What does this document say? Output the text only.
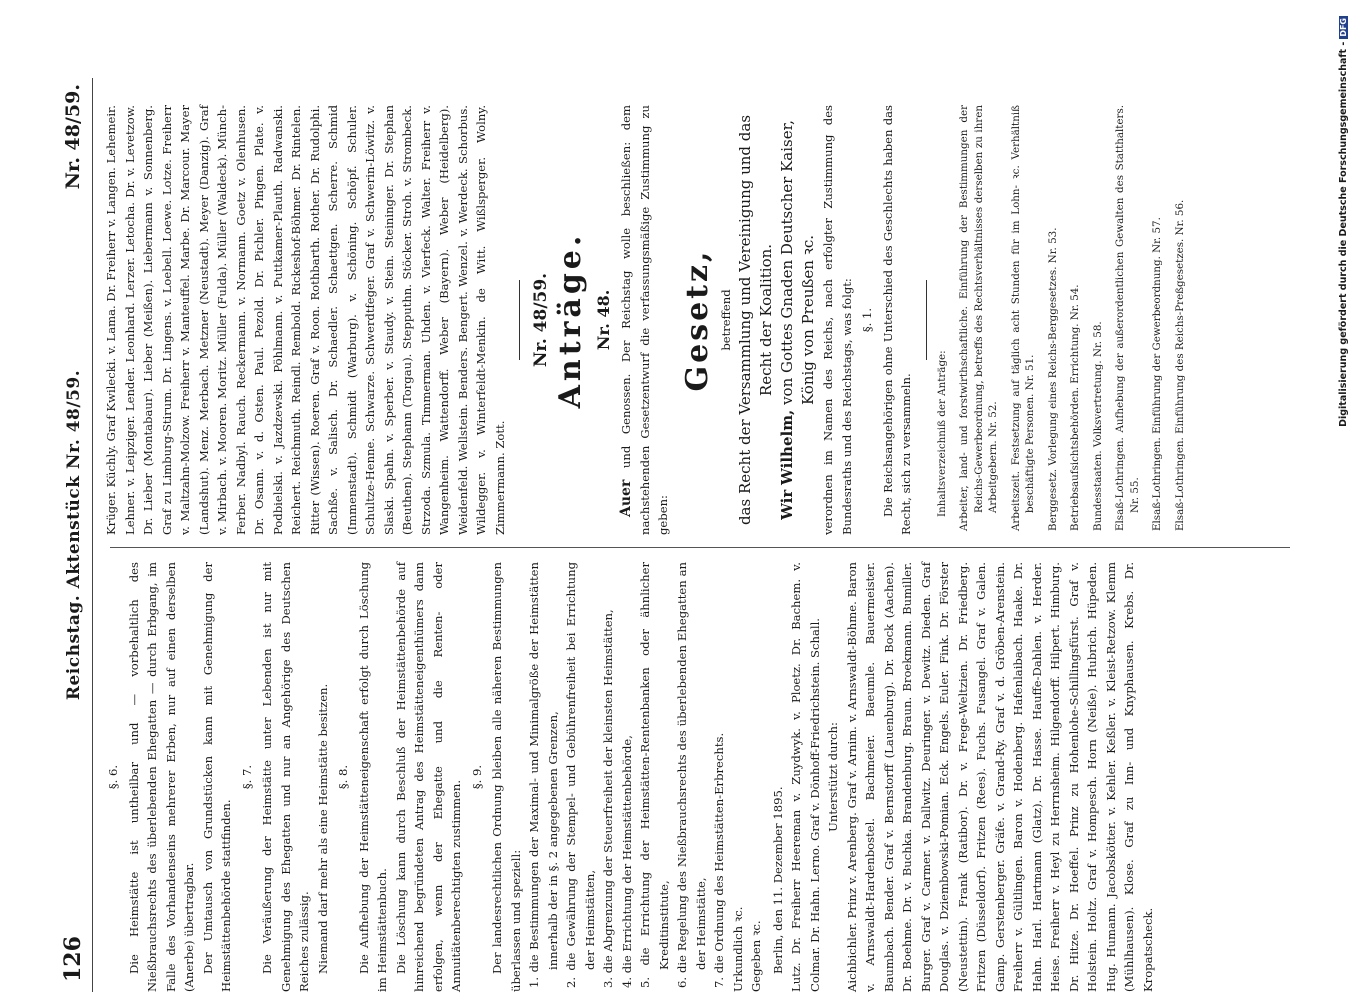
126
Reichstag. Aktenstück Nr. 48/59.
Nr. 48/59.

§. 6. Die Heimstätte ist untheilbar und — vorbehaltlich des Nießbrauchsrechts des überlebenden Ehegatten — durch Erbgang, im Falle des Vorhandenseins mehrerer Erben, nur auf einen derselben (Anerbe) übertragbar. Der Umtausch von Grundstücken kann mit Genehmigung der Heimstättenbehörde stattfinden.

§. 7. Die Veräußerung der Heimstätte unter Lebenden ist nur mit Genehmigung des Ehegatten und nur an Angehörige des Deutschen Reiches zulässig. Niemand darf mehr als eine Heimstätte besitzen. §. 8. Die Aufhebung der Heimstätteneigenschaft erfolgt durch Löschung im Heimstättenbuch. Die Löschung kann durch Beschluß der Heimstättenbehörde auf hinreichend begründeten Antrag des Heimstätteneigenthümers dann erfolgen, wenn der Ehegatte und die Renten- oder Annuitätenberechtigten zustimmen.

§. 9. Der landesrechtlichen Ordnung bleiben alle näheren Bestimmungen überlassen und speziell: 1. die Bestimmungen der Maximal- und Minimalgröße der Heimstätten innerhalb der in §. 2 angegebenen Grenzen, 2. die Gewährung der Stempel- und Gebührenfreiheit bei Errichtung der Heimstätten, 3. die Abgrenzung der Steuerfreiheit der kleinsten Heimstätten, 4. die Errichtung der Heimstättenbehörde, 5. die Errichtung der Heimstätten-Rentenbanken oder ähnlicher Kreditinstitute, 6. die Regelung des Nießbrauchsrechts des überlebenden Ehegatten an der Heimstätte, 7. die Ordnung des Heimstätten-Erbrechts. Urkundlich ꝛc. Gegeben ꝛc. Berlin, den 11. Dezember 1895. Lutz. Dr. Freiherr Heereman v. Zuydwyk. v. Ploetz. Dr. Bachem. v. Colmar. Dr. Hahn. Lerno. Graf v. Dönhoff-Friedrichstein. Schall. Unterstützt durch: Aichbichler. Prinz v. Arenberg. Graf v. Arnim. v. Arnswaldt-Böhme. Baron v. Arnswaldt-Hardenbostel. Bachmeier. Baeumle. Bauermeister. Baumbach. Bender. Graf v. Bernstorff (Lauenburg). Dr. Bock (Aachen). Dr. Boehme. Dr. v. Buchka. Brandenburg. Braun. Broekmann. Bumiller. Burger. Graf v. Carmer. v. Dallwitz. Deuringer. v. Dewitz. Dieden. Graf Douglas. v. Dziembowski-Pomian. Eck. Engels. Euler. Fink. Dr. Förster (Neustettin). Frank (Ratibor). Dr. v. Frege-Weltzien. Dr. Friedberg. Fritzen (Düsseldorf). Fritzen (Rees). Fuchs. Fusangel. Graf v. Galen. Gamp. Gerstenberger. Gräfe. v. Grand-Ry. Graf v. d. Gröben-Arenstein. Freiherr v. Gültlingen. Baron v. Hodenberg. Hafenlaibach. Haake. Dr. Hahn. Harl. Hartmann (Glatz). Dr. Hasse. Hauffe-Dahlen. v. Herder. Heise. Freiherr v. Heyl zu Herrnsheim. Hilgendorff. Hilpert. Himburg. Dr. Hitze. Dr. Hoeffel. Prinz zu Hohenlohe-Schillingsfürst. Graf v. Holstein. Holtz. Graf v. Hompesch. Horn (Neiße). Hubrich. Hüpeden. Hug. Humann. Jacobskötter. v. Kehler. Keßler. v. Kleist-Retzow. Klemm (Mühlhausen). Klose. Graf zu Inn- und Knyphausen. Krebs. Dr. Kropatscheck.

Krüger. Küchly. Graf Kwilecki. v. Lama. Dr. Freiherr v. Langen. Lehemeir. Lehner. v. Leipziger. Lender. Leonhard. Lerzer. Letocha. Dr. v. Levetzow. Dr. Lieber (Montabaur). Lieber (Meißen). Liebermann v. Sonnenberg. Graf zu Limburg-Stirum. Dr. Lingens. v. Loebell. Loewe. Lotze. Freiherr v. Maltzahn-Molzow. Freiherr v. Manteuffel. Marbe. Dr. Marcour. Mayer (Landshut). Menz. Merbach. Metzner (Neustadt). Meyer (Danzig). Graf v. Mirbach. v. Mooren. Moritz. Müller (Fulda). Müller (Waldeck). Münch-Ferber. Nadbyl. Rauch. Reckermann. v. Normann. Goetz v. Olenhusen. Dr. Osann. v. d. Osten. Paul. Pezold. Dr. Pichler. Pingen. Plate. v. Podbielski. v. Jazdzewski. Pöhlmann. v. Puttkamer-Plauth. Radwanski. Reichert. Reichmuth. Reindl. Rembold. Rickeshof-Böhmer. Dr. Rintelen. Ritter (Wissen). Roeren. Graf v. Roon. Rothbarth. Rother. Dr. Rudolphi. Sachße. v. Salisch. Dr. Schaedler. Schaettgen. Scherre. Schmid (Immenstadt). Schmidt (Warburg). v. Schöning. Schöpf. Schuler. Schultze-Henne. Schwarze. Schwerdtfeger. Graf v. Schwerin-Löwitz. v. Slaski. Spahn. v. Sperber. v. Staudy. v. Stein. Steininger. Dr. Stephan (Beuthen). Stephann (Torgau). Stepputhn. Stöcker. Stroh. v. Strombeck. Strzoda. Szmula. Timmerman. Uhden. v. Vierfeck. Walter. Freiherr v. Wangenheim. Wattendorff. Weber (Bayern). Weber (Heidelberg). Weidenfeld. Wellstein. Benders. Bengert. Wenzel. v. Werdeck. Schorbus. Wildegger. v. Winterfeldt-Menkin. de Witt. Wißlsperger. Wolny. Zimmermann. Zott.

Nr. 48/59. Anträge. Nr. 48.

Auer und Genossen. Der Reichstag wolle beschließen: dem nachstehenden Gesetzentwurf die verfassungsmäßige Zustimmung zu geben:

Gesetz, betreffend das Recht der Versammlung und Vereinigung und das Recht der Koalition.

Wir Wilhelm, von Gottes Gnaden Deutscher Kaiser, König von Preußen ꝛc. verordnen im Namen des Reichs, nach erfolgter Zustimmung des Bundesraths und des Reichstags, was folgt: §. 1. Die Reichsangehörigen ohne Unterschied des Geschlechts haben das Recht, sich zu versammeln. Inhaltsverzeichniß der Anträge: Arbeiter, land- und forstwirthschaftliche. Einführung der Bestimmungen der Reichs-Gewerbeordnung, betreffs des Rechtsverhältnisses derselben zu ihren Arbeitgebern. Nr. 52. Arbeitszeit. Festsetzung auf täglich acht Stunden für im Lohn- ꝛc. Verhältniß beschäftigte Personen. Nr. 51. Berggesetz. Vorlegung eines Reichs-Berggesetzes. Nr. 53. Betriebsaufsichtsbehörden. Errichtung. Nr. 54. Bundesstaaten. Volksvertretung. Nr. 58. Elsaß-Lothringen. Aufhebung der außerordentlichen Gewalten des Statthalters. Nr. 55. Elsaß-Lothringen. Einführung der Gewerbeordnung. Nr. 57. Elsaß-Lothringen. Einführung des Reichs-Preßgesetzes. Nr. 56.	Digitalisierung gefördert durch die Deutsche Forschungsgemeinschaft -DFG
